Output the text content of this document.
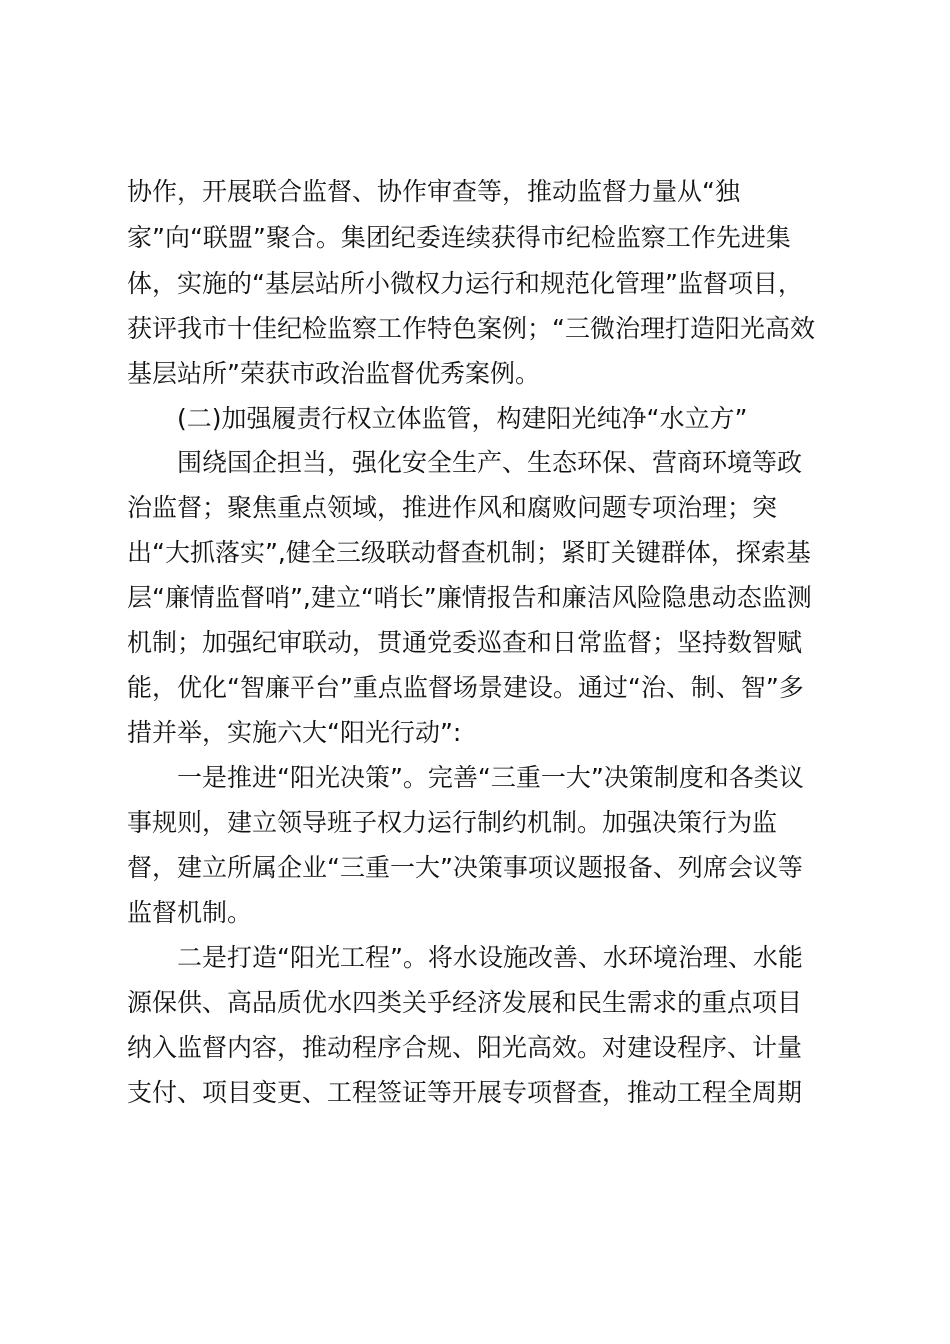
协作，开展联合监督、协作审查等，推动监督力量从“独
家”向“联盟”聚合。集团纪委连续获得市纪检监察工作先进集
体，实施的“基层站所小微权力运行和规范化管理”监督项目，
获评我市十佳纪检监察工作特色案例；“三微治理打造阳光高效
基层站所”荣获市政治监督优秀案例。
(二)加强履责行权立体监管，构建阳光纯净“水立方”
围绕国企担当，强化安全生产、生态环保、营商环境等政
治监督；聚焦重点领域，推进作风和腐败问题专项治理；突
出“大抓落实”,健全三级联动督查机制；紧盯关键群体，探索基
层“廉情监督哨”,建立“哨长”廉情报告和廉洁风险隐患动态监测
机制；加强纪审联动，贯通党委巡查和日常监督；坚持数智赋
能，优化“智廉平台”重点监督场景建设。通过“治、制、智”多
措并举，实施六大“阳光行动”:
一是推进“阳光决策”。完善“三重一大”决策制度和各类议
事规则，建立领导班子权力运行制约机制。加强决策行为监
督，建立所属企业“三重一大”决策事项议题报备、列席会议等
监督机制。
二是打造“阳光工程”。将水设施改善、水环境治理、水能
源保供、高品质优水四类关乎经济发展和民生需求的重点项目
纳入监督内容，推动程序合规、阳光高效。对建设程序、计量
支付、项目变更、工程签证等开展专项督查，推动工程全周期
